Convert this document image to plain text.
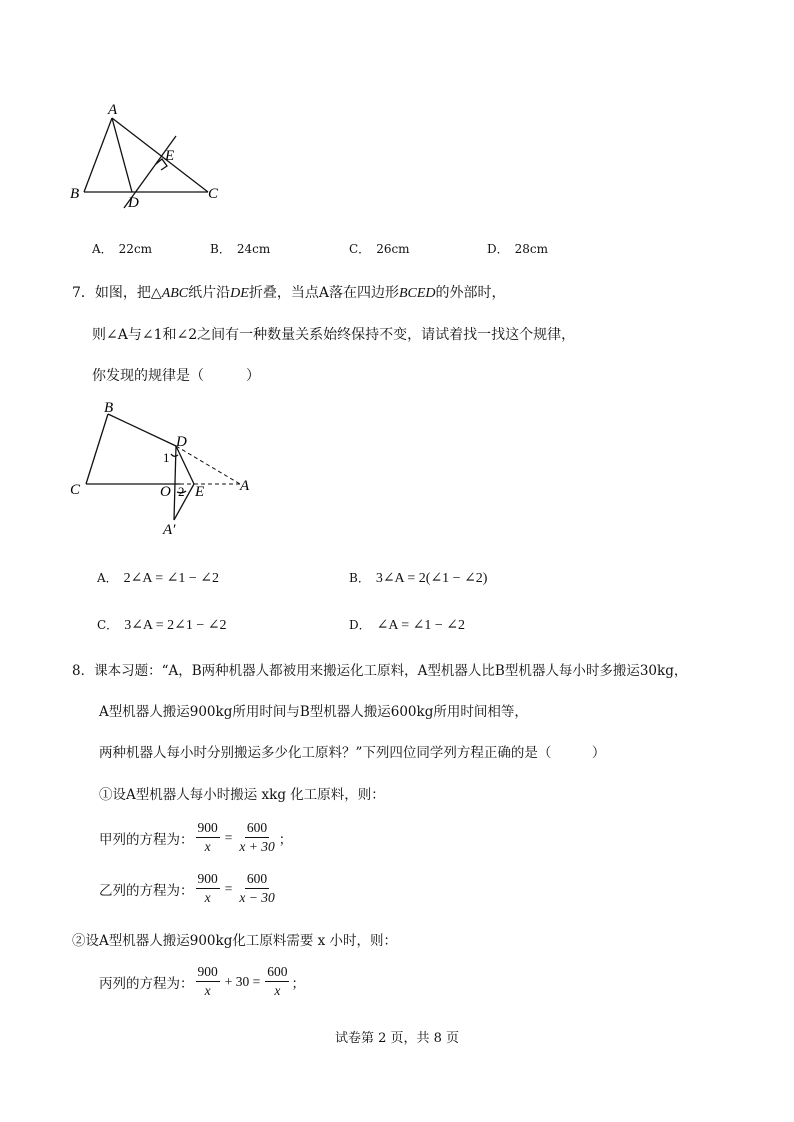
A
B	C
D
E
A． 22cm	B． 24cm	C． 26cm	D． 28cm
7．如图，把△ABC纸片沿DE折叠，当点A落在四边形BCED的外部时，
则∠A与∠1和∠2之间有一种数量关系始终保持不变，请试着找一找这个规律，
你发现的规律是（　　　）
B
D
1
C	O 2 E A
A′
A． 2∠A = ∠1 − ∠2	B． 3∠A = 2(∠1 − ∠2)
C． 3∠A = 2∠1 − ∠2	D． ∠A = ∠1 − ∠2
8．课本习题：“A，B两种机器人都被用来搬运化工原料，A型机器人比B型机器人每小时多搬运30kg，
A型机器人搬运900kg所用时间与B型机器人搬运600kg所用时间相等，
两种机器人每小时分别搬运多少化工原料？”下列四位同学列方程正确的是（　　　）
①设A型机器人每小时搬运 xkg 化工原料，则：
甲列的方程为： $\frac{900}{x} = \frac{600}{x + 30}$ ；
乙列的方程为： $\frac{900}{x} = \frac{600}{x - 30}$
②设A型机器人搬运900kg化工原料需要 x 小时，则：
丙列的方程为： $\frac{900}{x} + 30 = \frac{600}{x}$ ；
试卷第 2 页，共 8 页
